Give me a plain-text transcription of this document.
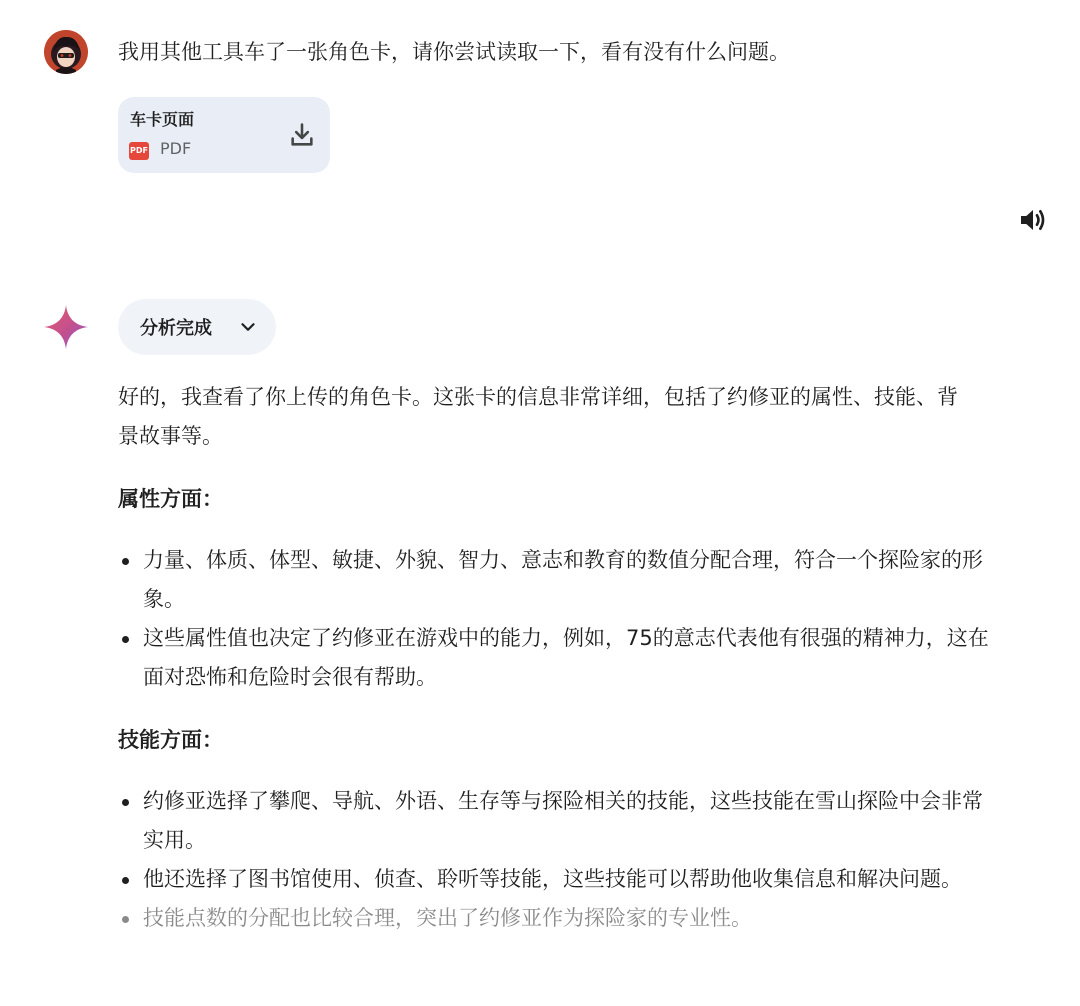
我用其他工具车了一张角色卡，请你尝试读取一下，看有没有什么问题。
车卡页面
PDF PDF
分析完成

好的，我查看了你上传的角色卡。这张卡的信息非常详细，包括了约修亚的属性、技能、背景故事等。

属性方面：

力量、体质、体型、敏捷、外貌、智力、意志和教育的数值分配合理，符合一个探险家的形象。
这些属性值也决定了约修亚在游戏中的能力，例如，75的意志代表他有很强的精神力，这在面对恐怖和危险时会很有帮助。

技能方面：

约修亚选择了攀爬、导航、外语、生存等与探险相关的技能，这些技能在雪山探险中会非常实用。
他还选择了图书馆使用、侦查、聆听等技能，这些技能可以帮助他收集信息和解决问题。
技能点数的分配也比较合理，突出了约修亚作为探险家的专业性。
